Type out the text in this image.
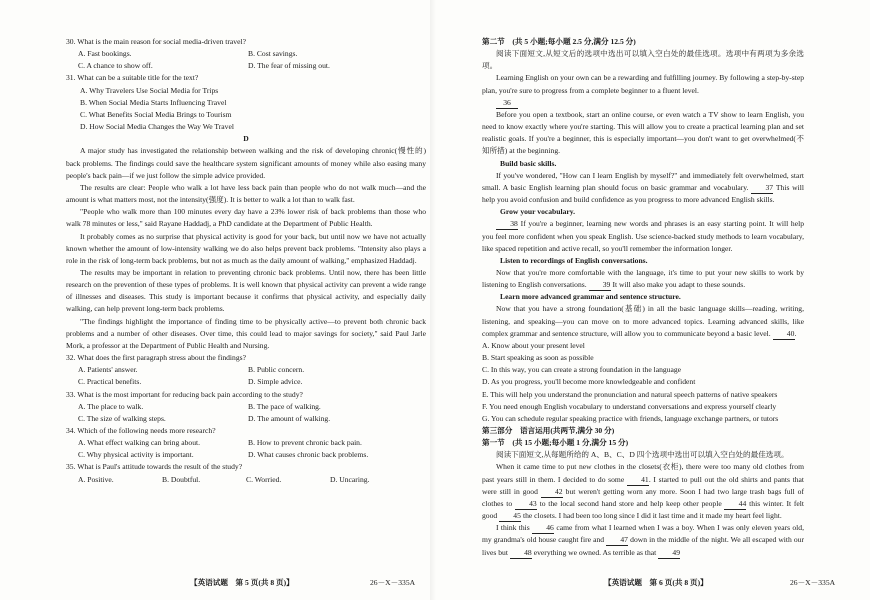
30. What is the main reason for social media-driven travel?
A. Fast bookings.	B. Cost savings.
C. A chance to show off.	D. The fear of missing out.
31. What can be a suitable title for the text?
A. Why Travelers Use Social Media for Trips
B. When Social Media Starts Influencing Travel
C. What Benefits Social Media Brings to Tourism
D. How Social Media Changes the Way We Travel
D
A major study has investigated the relationship between walking and the risk of developing chronic(慢性的) back problems. The findings could save the healthcare system significant amounts of money while also easing many people's back pain—if we just follow the simple advice provided.
The results are clear: People who walk a lot have less back pain than people who do not walk much—and the amount is what matters most, not the intensity(强度). It is better to walk a lot than to walk fast.
"People who walk more than 100 minutes every day have a 23% lower risk of back problems than those who walk 78 minutes or less," said Rayane Haddadj, a PhD candidate at the Department of Public Health.
It probably comes as no surprise that physical activity is good for your back, but until now we have not actually known whether the amount of low-intensity walking we do also helps prevent back problems. "Intensity also plays a role in the risk of long-term back problems, but not as much as the daily amount of walking," emphasized Haddadj.
The results may be important in relation to preventing chronic back problems. Until now, there has been little research on the prevention of these types of problems. It is well known that physical activity can prevent a wide range of illnesses and diseases. This study is important because it confirms that physical activity, and especially daily walking, can help prevent long-term back problems.
"The findings highlight the importance of finding time to be physically active—to prevent both chronic back problems and a number of other diseases. Over time, this could lead to major savings for society," said Paul Jarle Mork, a professor at the Department of Public Health and Nursing.
32. What does the first paragraph stress about the findings?
A. Patients' answer.	B. Public concern.
C. Practical benefits.	D. Simple advice.
33. What is the most important for reducing back pain according to the study?
A. The place to walk.	B. The pace of walking.
C. The size of walking steps.	D. The amount of walking.
34. Which of the following needs more research?
A. What effect walking can bring about.	B. How to prevent chronic back pain.
C. Why physical activity is important.	D. What causes chronic back problems.
35. What is Paul's attitude towards the result of the study?
A. Positive.	B. Doubtful.	C. Worried.	D. Uncaring.
【英语试题　第 5 页(共 8 页)】	26－X－335A
第二节　(共 5 小题;每小题 2.5 分,满分 12.5 分)
阅读下面短文,从短文后的选项中选出可以填入空白处的最佳选项。选项中有两项为多余选项。
Learning English on your own can be a rewarding and fulfilling journey. By following a step-by-step plan, you're sure to progress from a complete beginner to a fluent level.
36
Before you open a textbook, start an online course, or even watch a TV show to learn English, you need to know exactly where you're starting. This will allow you to create a practical learning plan and set realistic goals. If you're a beginner, this is especially important—you don't want to get overwhelmed(不知所措) at the beginning.
Build basic skills.
If you've wondered, "How can I learn English by myself?" and immediately felt overwhelmed, start small. A basic English learning plan should focus on basic grammar and vocabulary. 37 This will help you avoid confusion and build confidence as you progress to more advanced English skills.
Grow your vocabulary.
38 If you're a beginner, learning new words and phrases is an easy starting point. It will help you feel more confident when you speak English. Use science-backed study methods to learn vocabulary, like spaced repetition and active recall, so you'll remember the information longer.
Listen to recordings of English conversations.
Now that you're more comfortable with the language, it's time to put your new skills to work by listening to English conversations. 39 It will also make you adapt to these sounds.
Learn more advanced grammar and sentence structure.
Now that you have a strong foundation(基础) in all the basic language skills—reading, writing, listening, and speaking—you can move on to more advanced topics. Learning advanced skills, like complex grammar and sentence structure, will allow you to communicate beyond a basic level. 40.
A. Know about your present level
B. Start speaking as soon as possible
C. In this way, you can create a strong foundation in the language
D. As you progress, you'll become more knowledgeable and confident
E. This will help you understand the pronunciation and natural speech patterns of native speakers
F. You need enough English vocabulary to understand conversations and express yourself clearly
G. You can schedule regular speaking practice with friends, language exchange partners, or tutors
第三部分　语言运用(共两节,满分 30 分)
第一节　(共 15 小题;每小题 1 分,满分 15 分)
阅读下面短文,从每题所给的 A、B、C、D 四个选项中选出可以填入空白处的最佳选项。
When it came time to put new clothes in the closets(衣柜), there were too many old clothes from past years still in them. I decided to do some 41. I started to pull out the old shirts and pants that were still in good 42 but weren't getting worn any more. Soon I had two large trash bags full of clothes to 43 to the local second hand store and help keep other people 44 this winter. It felt good 45 the closets. I had been too long since I did it last time and it made my heart feel light.
I think this 46 came from what I learned when I was a boy. When I was only eleven years old, my grandma's old house caught fire and 47 down in the middle of the night. We all escaped with our lives but 48 everything we owned. As terrible as that 49
【英语试题　第 6 页(共 8 页)】	26－X－335A
